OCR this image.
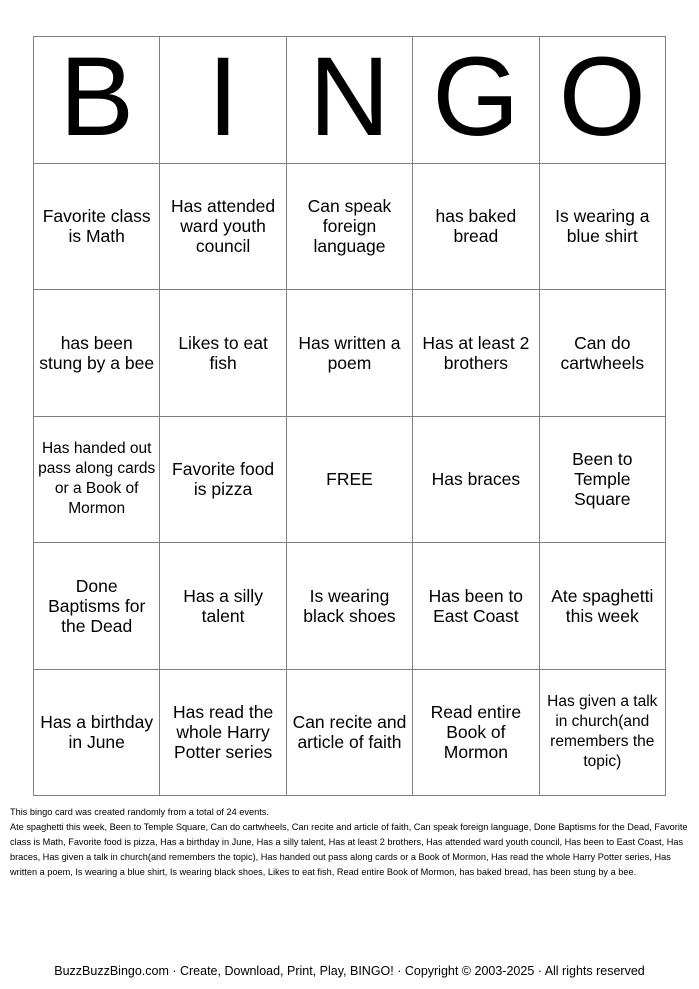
B	I	N	G	O
Favorite class is Math	Has attended ward youth council	Can speak foreign language	has baked bread	Is wearing a blue shirt
has been stung by a bee	Likes to eat fish	Has written a poem	Has at least 2 brothers	Can do cartwheels
Has handed out pass along cards or a Book of Mormon	Favorite food is pizza	FREE	Has braces	Been to Temple Square
Done Baptisms for the Dead	Has a silly talent	Is wearing black shoes	Has been to East Coast	Ate spaghetti this week
Has a birthday in June	Has read the whole Harry Potter series	Can recite and article of faith	Read entire Book of Mormon	Has given a talk in church(and remembers the topic)

This bingo card was created randomly from a total of 24 events.

Ate spaghetti this week, Been to Temple Square, Can do cartwheels, Can recite and article of faith, Can speak foreign language, Done Baptisms for the Dead, Favorite class is Math, Favorite food is pizza, Has a birthday in June, Has a silly talent, Has at least 2 brothers, Has attended ward youth council, Has been to East Coast, Has braces, Has given a talk in church(and remembers the topic), Has handed out pass along cards or a Book of Mormon, Has read the whole Harry Potter series, Has written a poem, Is wearing a blue shirt, Is wearing black shoes, Likes to eat fish, Read entire Book of Mormon, has baked bread, has been stung by a bee.

BuzzBuzzBingo.com · Create, Download, Print, Play, BINGO! · Copyright © 2003-2025 · All rights reserved
